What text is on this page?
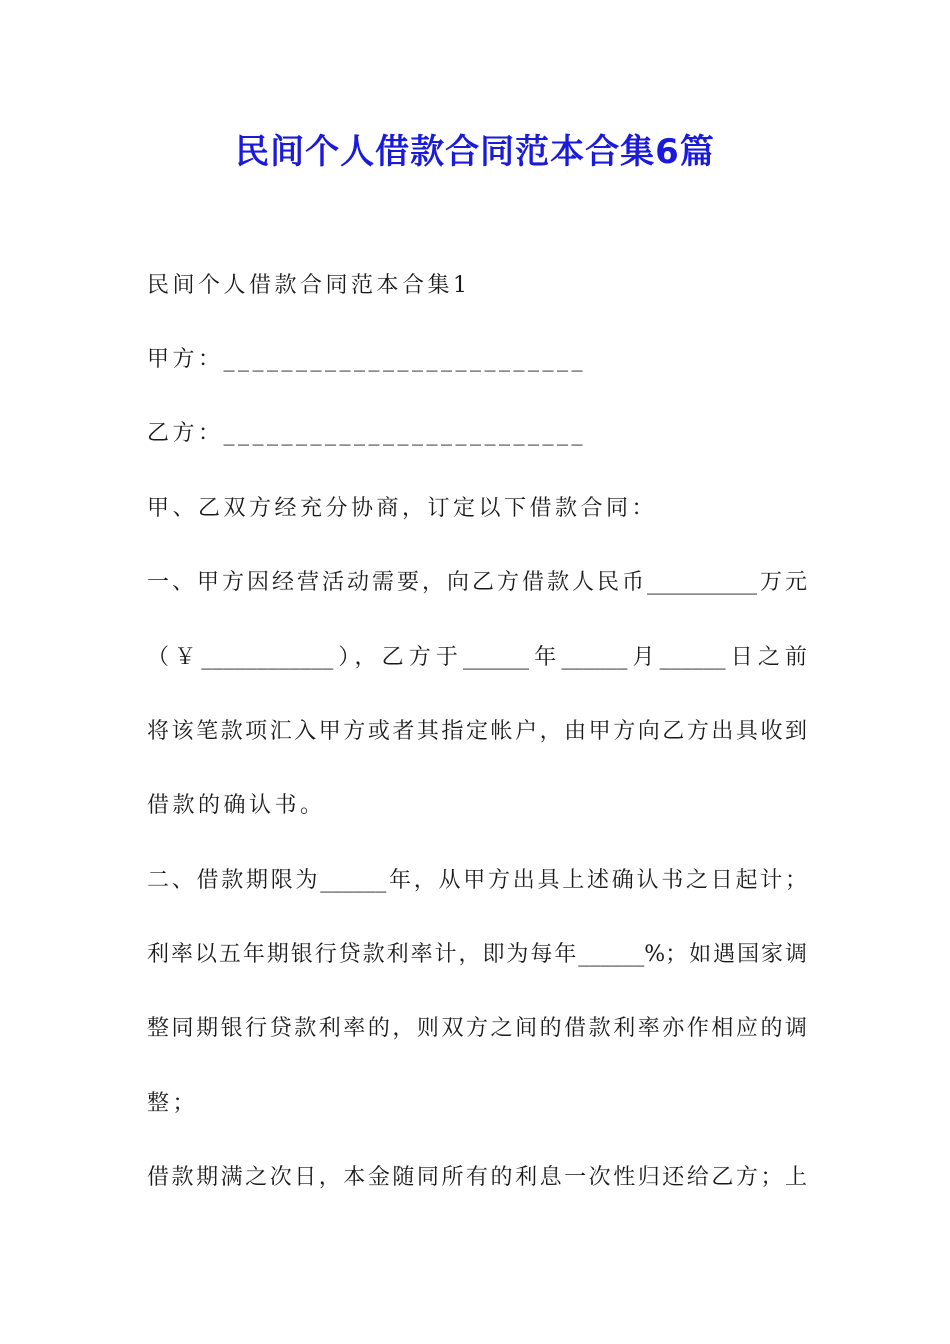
民间个人借款合同范本合集6篇
民间个人借款合同范本合集1
甲方：_________________________
乙方：_________________________
甲、乙双方经充分协商，订定以下借款合同：
一、甲方因经营活动需要，向乙方借款人民币__________万元
（￥____________），乙方于______年______月______日之前
将该笔款项汇入甲方或者其指定帐户，由甲方向乙方出具收到
借款的确认书。
二、借款期限为______年，从甲方出具上述确认书之日起计；
利率以五年期银行贷款利率计，即为每年______%；如遇国家调
整同期银行贷款利率的，则双方之间的借款利率亦作相应的调
整；
借款期满之次日，本金随同所有的利息一次性归还给乙方；上
